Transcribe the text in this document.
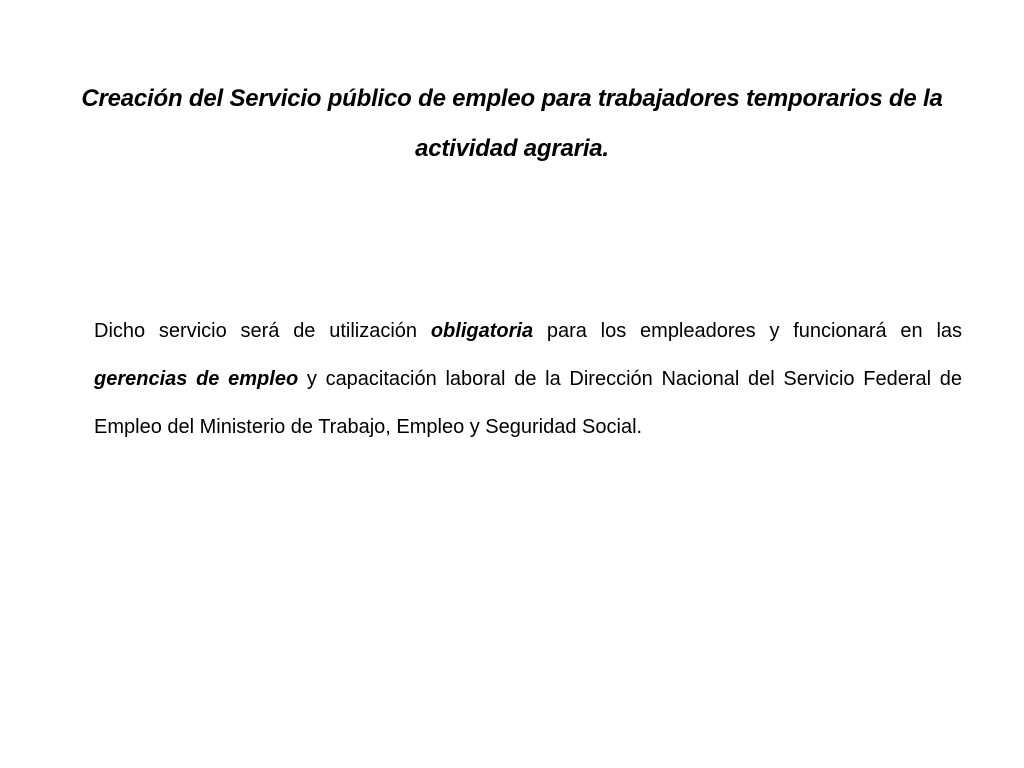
Creación del Servicio público de empleo para trabajadores temporarios de la actividad agraria.

Dicho servicio será de utilización obligatoria para los empleadores y funcionará en las gerencias de empleo y capacitación laboral de la Dirección Nacional del Servicio Federal de Empleo del Ministerio de Trabajo, Empleo y Seguridad Social.
